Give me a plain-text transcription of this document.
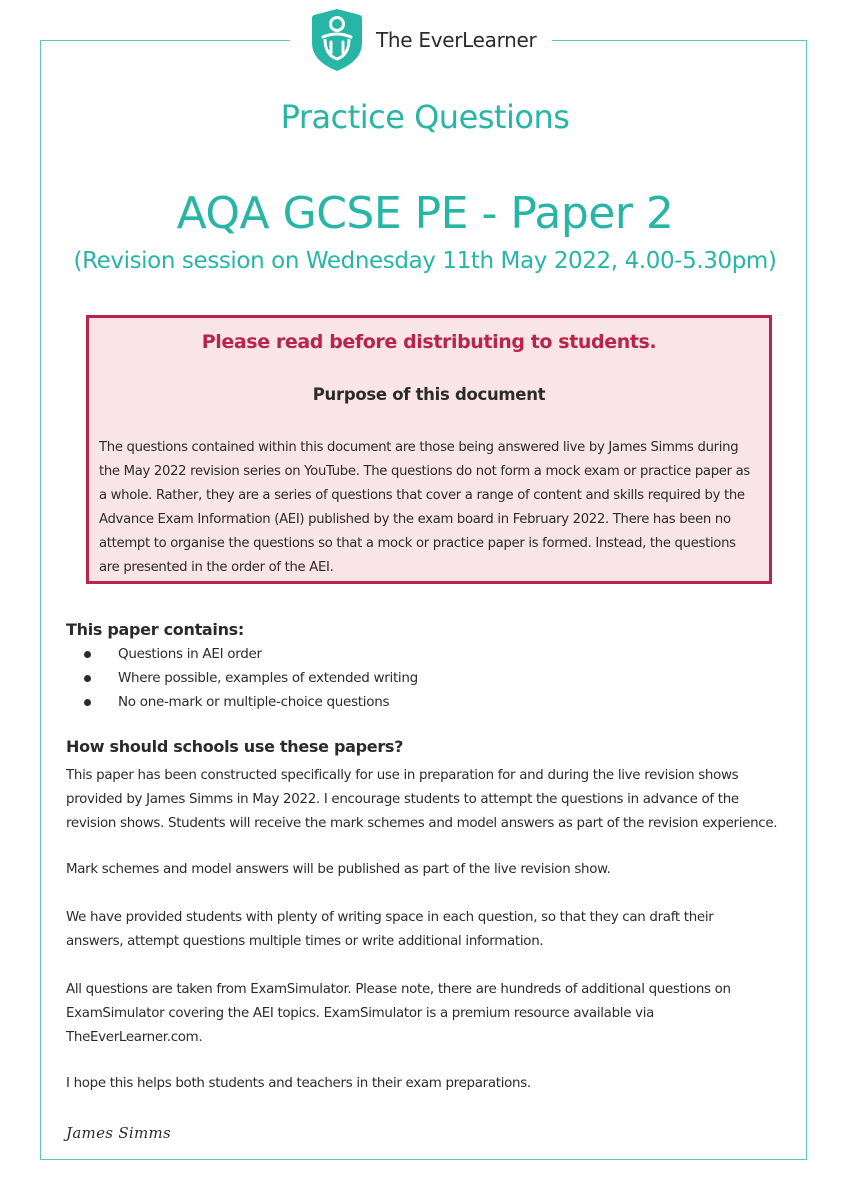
The EverLearner
Practice Questions
AQA GCSE PE - Paper 2
(Revision session on Wednesday 11th May 2022, 4.00-5.30pm)
Please read before distributing to students.
Purpose of this document
The questions contained within this document are those being answered live by James Simms during
the May 2022 revision series on YouTube. The questions do not form a mock exam or practice paper as
a whole. Rather, they are a series of questions that cover a range of content and skills required by the
Advance Exam Information (AEI) published by the exam board in February 2022. There has been no
attempt to organise the questions so that a mock or practice paper is formed. Instead, the questions
are presented in the order of the AEI.
This paper contains:
Questions in AEI order
Where possible, examples of extended writing
No one-mark or multiple-choice questions
How should schools use these papers?
This paper has been constructed specifically for use in preparation for and during the live revision shows
provided by James Simms in May 2022. I encourage students to attempt the questions in advance of the
revision shows. Students will receive the mark schemes and model answers as part of the revision experience.
Mark schemes and model answers will be published as part of the live revision show.
We have provided students with plenty of writing space in each question, so that they can draft their
answers, attempt questions multiple times or write additional information.
All questions are taken from ExamSimulator. Please note, there are hundreds of additional questions on
ExamSimulator covering the AEI topics. ExamSimulator is a premium resource available via
TheEverLearner.com.
I hope this helps both students and teachers in their exam preparations.
James Simms
